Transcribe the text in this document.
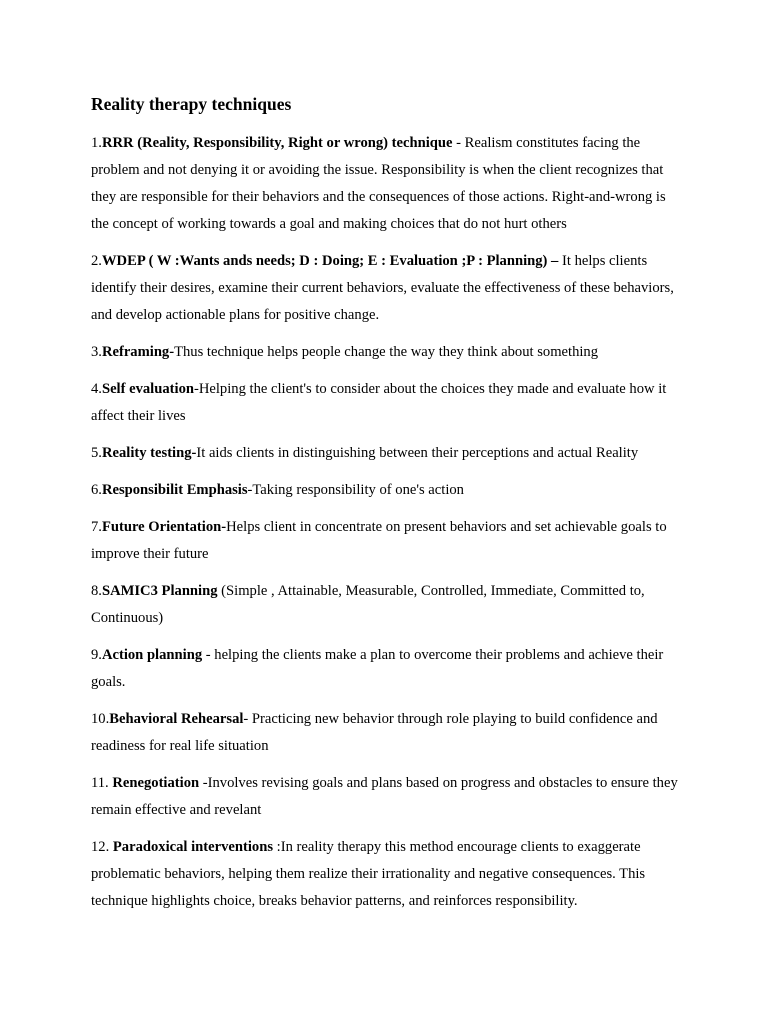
Reality therapy techniques

1.RRR (Reality, Responsibility, Right or wrong) technique - Realism constitutes facing the problem and not denying it or avoiding the issue. Responsibility is when the client recognizes that they are responsible for their behaviors and the consequences of those actions. Right-and-wrong is the concept of working towards a goal and making choices that do not hurt others

2.WDEP ( W :Wants ands needs; D : Doing; E : Evaluation ;P : Planning) – It helps clients identify their desires, examine their current behaviors, evaluate the effectiveness of these behaviors, and develop actionable plans for positive change.

3.Reframing-Thus technique helps people change the way they think about something

4.Self evaluation-Helping the client's to consider about the choices they made and evaluate how it affect their lives

5.Reality testing-It aids clients in distinguishing between their perceptions and actual Reality

6.Responsibilit Emphasis-Taking responsibility of one's action

7.Future Orientation-Helps client in concentrate on present behaviors and set achievable goals to improve their future

8.SAMIC3 Planning (Simple , Attainable, Measurable, Controlled, Immediate, Committed to, Continuous)

9.Action planning - helping the clients make a plan to overcome their problems and achieve their goals.

10.Behavioral Rehearsal- Practicing new behavior through role playing to build confidence and readiness for real life situation

11. Renegotiation -Involves revising goals and plans based on progress and obstacles to ensure they remain effective and revelant

12. Paradoxical interventions :In reality therapy this method encourage clients to exaggerate problematic behaviors, helping them realize their irrationality and negative consequences. This technique highlights choice, breaks behavior patterns, and reinforces responsibility.
